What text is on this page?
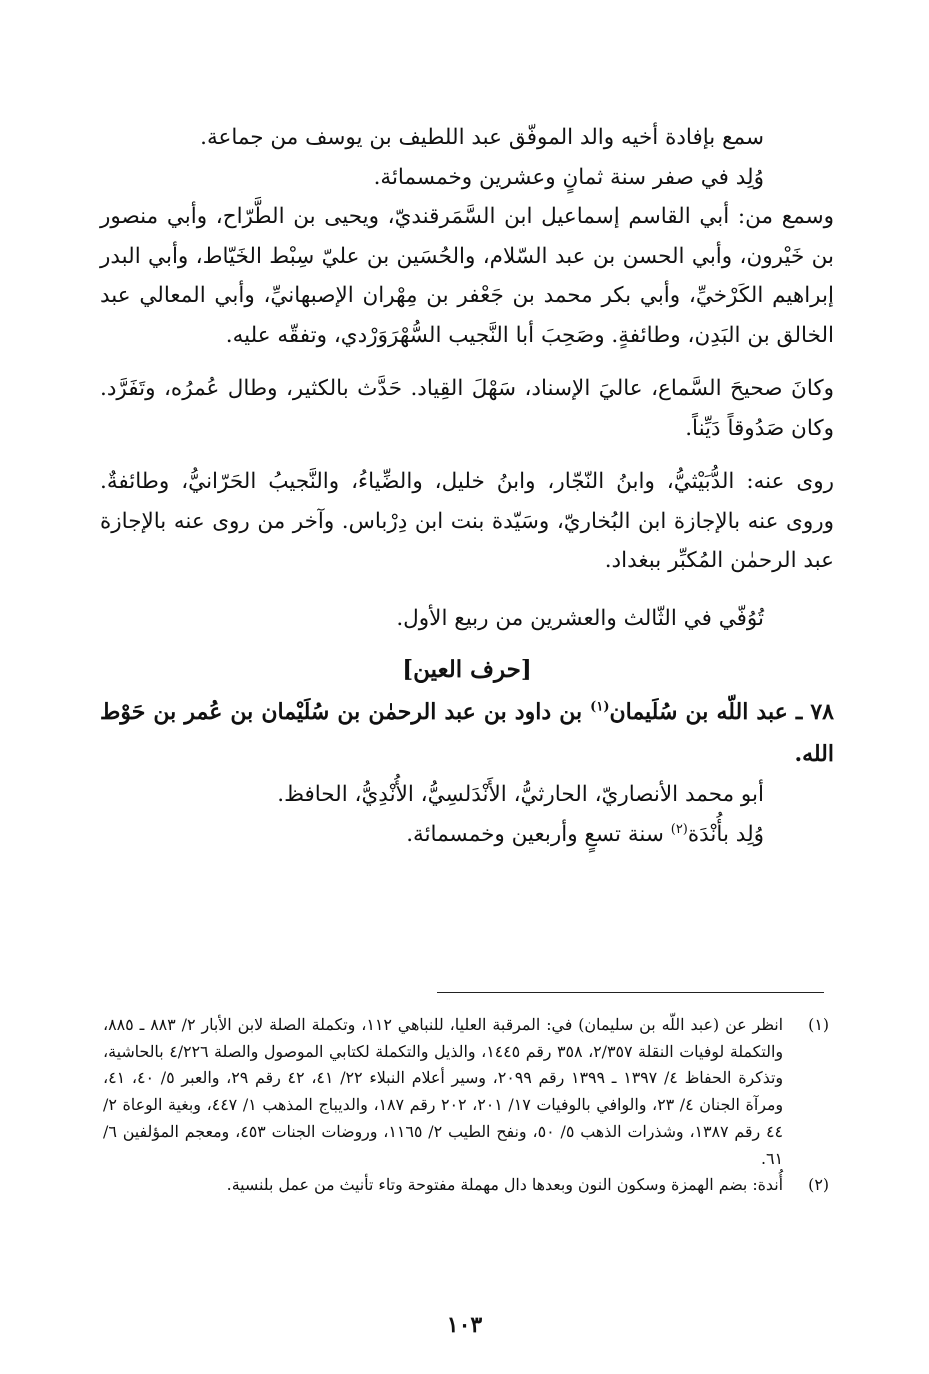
سمع بإفادة أخيه والد الموفّق عبد اللطيف بن يوسف من جماعة.

وُلِد في صفر سنة ثمانٍ وعشرين وخمسمائة.

وسمع من: أبي القاسم إسماعيل ابن السَّمَرقنديّ، ويحيى بن الطَّرّاح، وأبي منصور بن خَيْرون، وأبي الحسن بن عبد السّلام، والحُسَين بن عليّ سِبْط الخَيّاط، وأبي البدر إبراهيم الكَرْخيِّ، وأبي بكر محمد بن جَعْفر بن مِهْران الإصبهانيِّ، وأبي المعالي عبد الخالق بن البَدِن، وطائفةٍ. وصَحِبَ أبا النَّجيب السُّهْرَوَرْدي، وتفقّه عليه.

وكانَ صحيحَ السَّماع، عاليَ الإسناد، سَهْلَ القِياد. حَدَّث بالكثير، وطال عُمرُه، وتَفَرَّد. وكان صَدُوقاً دَيِّناً.

روى عنه: الدُّبَيْثيُّ، وابنُ النّجّار، وابنُ خليل، والضِّياءُ، والنَّجيبُ الحَرّانيُّ، وطائفةٌ. وروى عنه بالإجازة ابن البُخاريّ، وسَيّدة بنت ابن دِرْباس. وآخر من روى عنه بالإجازة عبد الرحمٰن المُكبِّر ببغداد.

تُوُفّي في الثّالث والعشرين من ربيع الأول.

[حرف العين]

٧٨ ـ عبد اللّه بن سُلَيمان$^{(١)}$ بن داود بن عبد الرحمٰن بن سُلَيْمان بن عُمر بن حَوْط الله.

أبو محمد الأنصاريّ، الحارثيُّ، الأَنْدَلسِيُّ، الأُنْدِيُّ، الحافظ.

وُلِد بأُنْدَة$^{(٢)}$ سنة تسعٍ وأربعين وخمسمائة.

(١)
انظر عن (عبد اللّه بن سليمان) في: المرقبة العليا، للنباهي ١١٢، وتكملة الصلة لابن الأبار ٢/ ٨٨٣ ـ ٨٨٥، والتكملة لوفيات النقلة ٢/٣٥٧، ٣٥٨ رقم ١٤٤٥، والذيل والتكملة لكتابي الموصول والصلة ٤/٢٢٦ بالحاشية، وتذكرة الحفاظ ٤/ ١٣٩٧ ـ ١٣٩٩ رقم ٢٠٩٩، وسير أعلام النبلاء ٢٢/ ٤١، ٤٢ رقم ٢٩، والعبر ٥/ ٤٠، ٤١، ومرآة الجنان ٤/ ٢٣، والوافي بالوفيات ١٧/ ٢٠١، ٢٠٢ رقم ١٨٧، والديباج المذهب ١/ ٤٤٧، وبغية الوعاة ٢/ ٤٤ رقم ١٣٨٧، وشذرات الذهب ٥/ ٥٠، ونفح الطيب ٢/ ١١٦٥، وروضات الجنات ٤٥٣، ومعجم المؤلفين ٦/ ٦١.
(٢)
أُندة: بضم الهمزة وسكون النون وبعدها دال مهملة مفتوحة وتاء تأنيث من عمل بلنسية.
١٠٣
